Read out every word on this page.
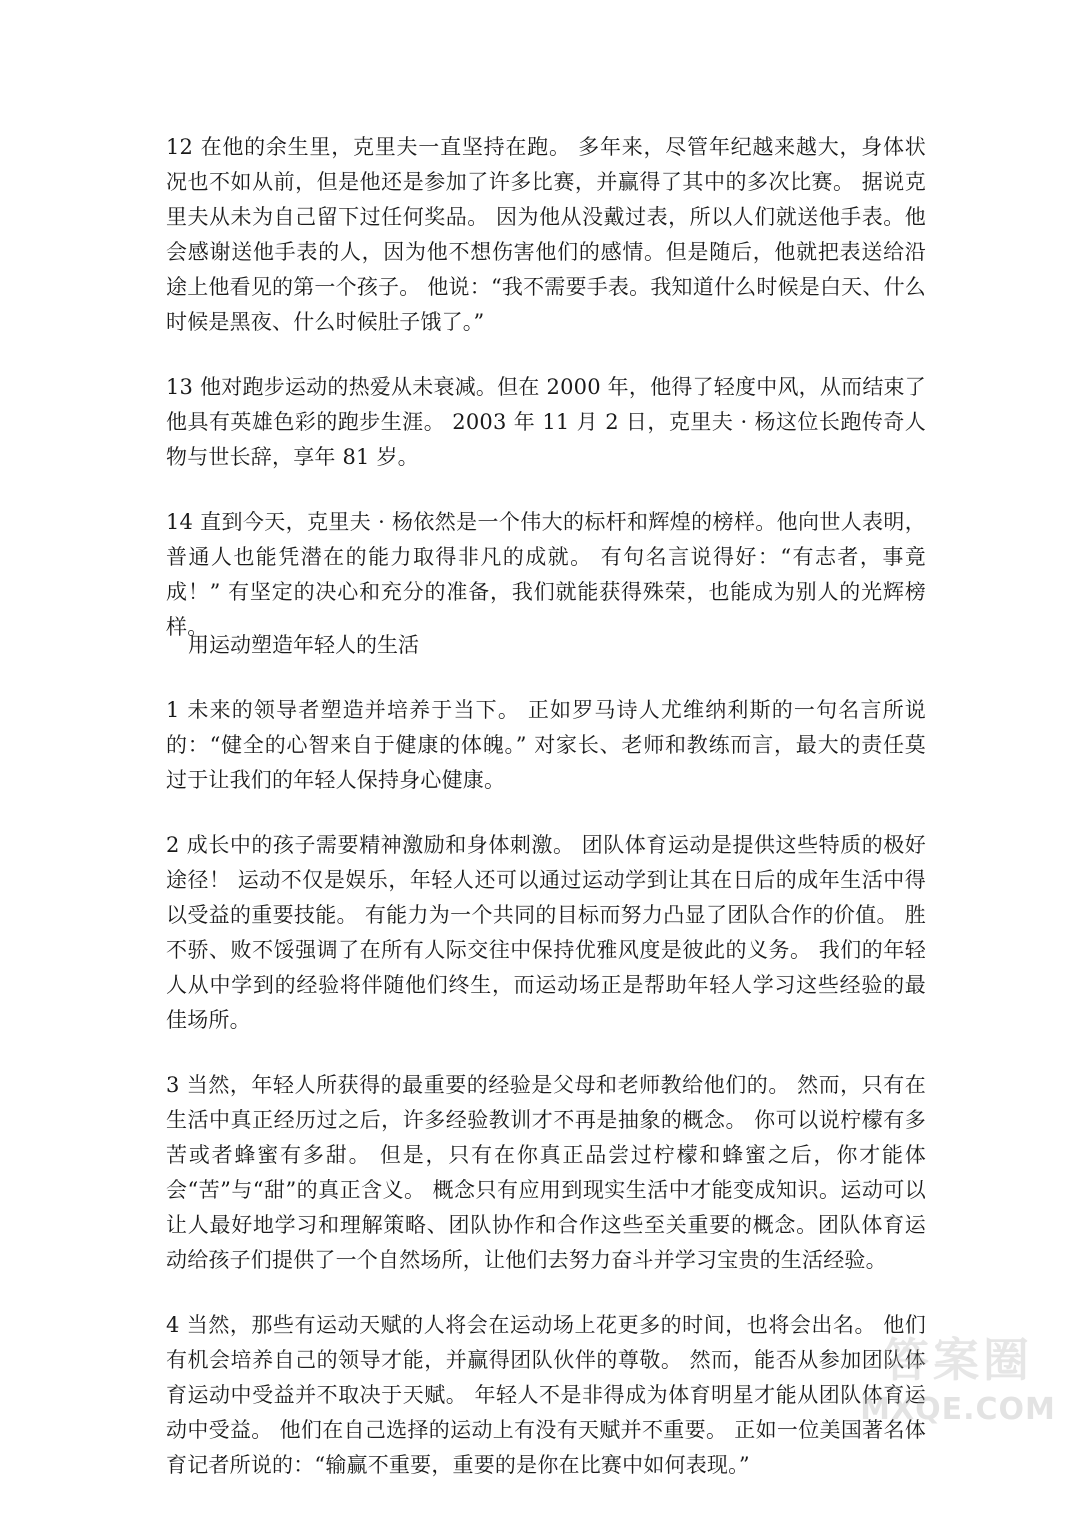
12 在他的余生里，克里夫一直坚持在跑。 多年来，尽管年纪越来越大，身体状况也不如从前，但是他还是参加了许多比赛，并赢得了其中的多次比赛。 据说克里夫从未为自己留下过任何奖品。 因为他从没戴过表，所以人们就送他手表。他会感谢送他手表的人，因为他不想伤害他们的感情。但是随后，他就把表送给沿途上他看见的第一个孩子。 他说：“我不需要手表。我知道什么时候是白天、什么时候是黑夜、什么时候肚子饿了。”

13 他对跑步运动的热爱从未衰减。但在 2000 年，他得了轻度中风，从而结束了他具有英雄色彩的跑步生涯。 2003 年 11 月 2 日，克里夫 · 杨这位长跑传奇人物与世长辞，享年 81 岁。

14 直到今天，克里夫 · 杨依然是一个伟大的标杆和辉煌的榜样。他向世人表明，普通人也能凭潜在的能力取得非凡的成就。 有句名言说得好：“有志者，事竟成！” 有坚定的决心和充分的准备，我们就能获得殊荣，也能成为别人的光辉榜样。

用运动塑造年轻人的生活

1 未来的领导者塑造并培养于当下。 正如罗马诗人尤维纳利斯的一句名言所说的：“健全的心智来自于健康的体魄。” 对家长、老师和教练而言，最大的责任莫过于让我们的年轻人保持身心健康。

2 成长中的孩子需要精神激励和身体刺激。 团队体育运动是提供这些特质的极好途径！ 运动不仅是娱乐，年轻人还可以通过运动学到让其在日后的成年生活中得以受益的重要技能。 有能力为一个共同的目标而努力凸显了团队合作的价值。 胜不骄、败不馁强调了在所有人际交往中保持优雅风度是彼此的义务。 我们的年轻人从中学到的经验将伴随他们终生，而运动场正是帮助年轻人学习这些经验的最佳场所。

3 当然，年轻人所获得的最重要的经验是父母和老师教给他们的。 然而，只有在生活中真正经历过之后，许多经验教训才不再是抽象的概念。 你可以说柠檬有多苦或者蜂蜜有多甜。 但是，只有在你真正品尝过柠檬和蜂蜜之后，你才能体会“苦”与“甜”的真正含义。 概念只有应用到现实生活中才能变成知识。运动可以让人最好地学习和理解策略、团队协作和合作这些至关重要的概念。团队体育运动给孩子们提供了一个自然场所，让他们去努力奋斗并学习宝贵的生活经验。

4 当然，那些有运动天赋的人将会在运动场上花更多的时间，也将会出名。 他们有机会培养自己的领导才能，并赢得团队伙伴的尊敬。 然而，能否从参加团队体育运动中受益并不取决于天赋。 年轻人不是非得成为体育明星才能从团队体育运动中受益。 他们在自己选择的运动上有没有天赋并不重要。 正如一位美国著名体育记者所说的：“输赢不重要，重要的是你在比赛中如何表现。”

答案圈
MXQE.COM
